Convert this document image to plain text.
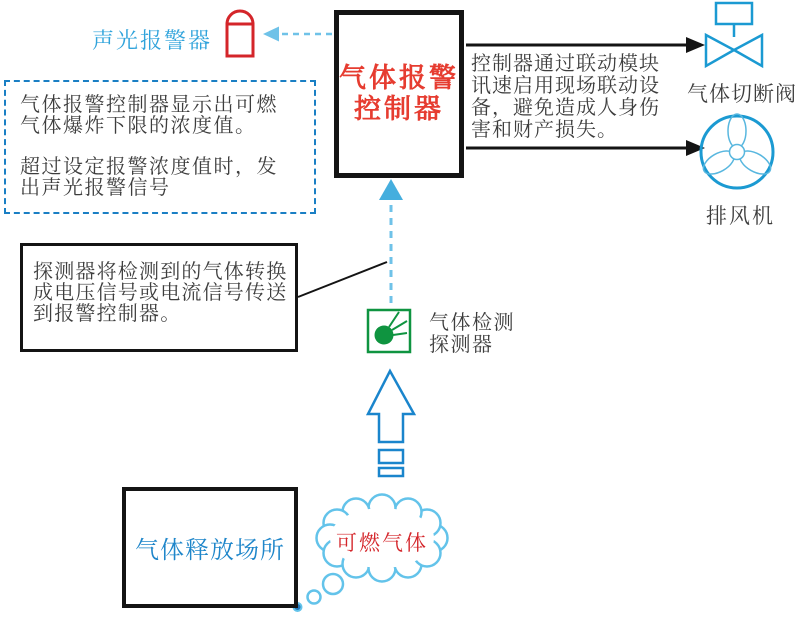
声光报警器

气体报警控制器显示出可燃气体爆炸下限的浓度值。

超过设定报警浓度值时，发出声光报警信号

气体报警
控制器
控制器通过联动模块讯速启用现场联动设备，避免造成人身伤害和财产损失。
气体切断阀
排风机
气体检测
探测器

探测器将检测到的气体转换成电压信号或电流信号传送到报警控制器。

气体释放场所 可燃气体
